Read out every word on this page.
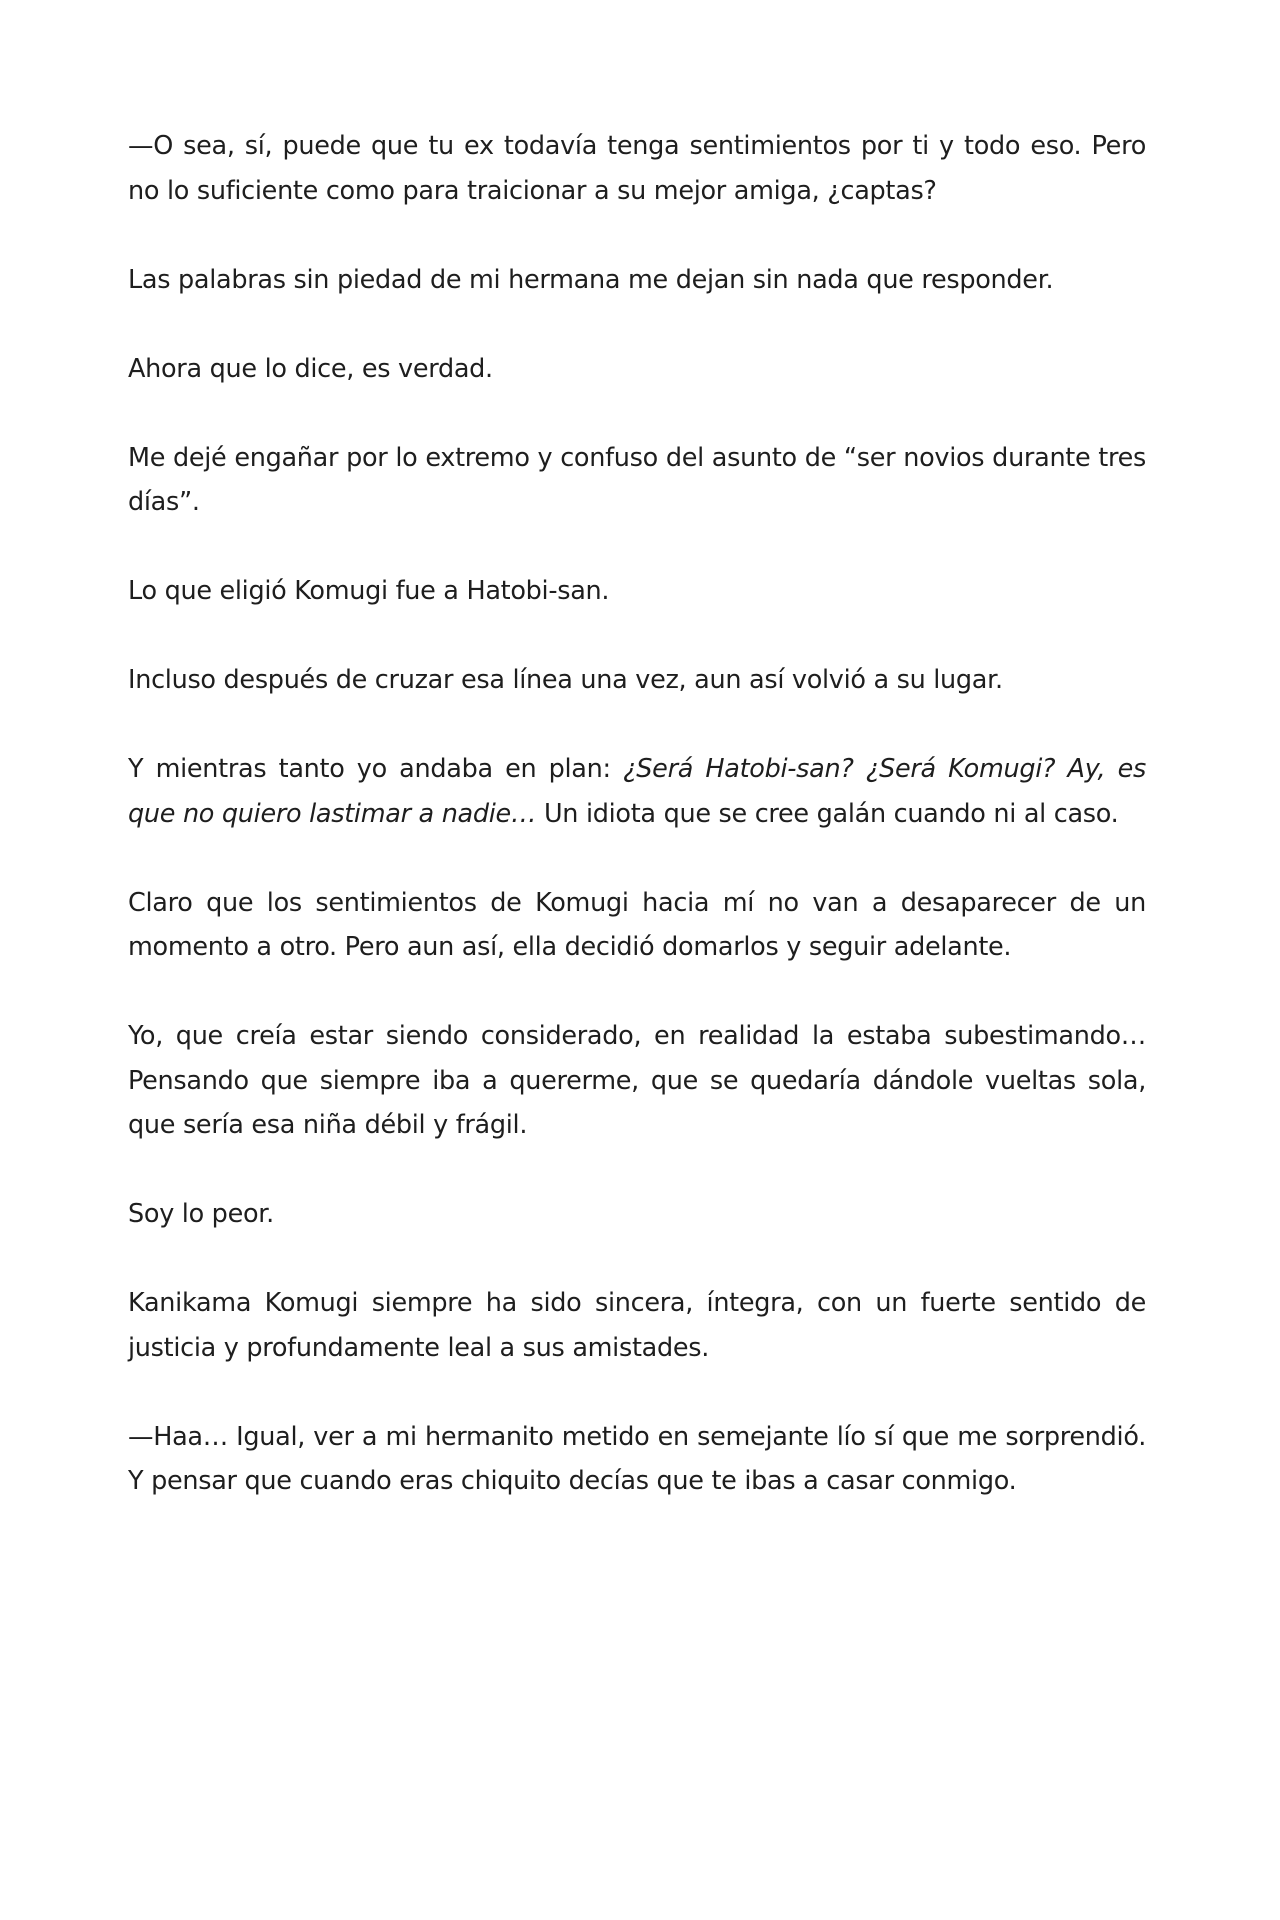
—O sea, sí, puede que tu ex todavía tenga sentimientos por ti y todo eso. Pero no lo suficiente como para traicionar a su mejor amiga, ¿captas?

Las palabras sin piedad de mi hermana me dejan sin nada que responder.

Ahora que lo dice, es verdad.

Me dejé engañar por lo extremo y confuso del asunto de “ser novios durante tres días”.

Lo que eligió Komugi fue a Hatobi-san.

Incluso después de cruzar esa línea una vez, aun así volvió a su lugar.

Y mientras tanto yo andaba en plan: ¿Será Hatobi-san? ¿Será Komugi? Ay, es que no quiero lastimar a nadie… Un idiota que se cree galán cuando ni al caso.

Claro que los sentimientos de Komugi hacia mí no van a desaparecer de un momento a otro. Pero aun así, ella decidió domarlos y seguir adelante.

Yo, que creía estar siendo considerado, en realidad la estaba subestimando… Pensando que siempre iba a quererme, que se quedaría dándole vueltas sola, que sería esa niña débil y frágil.

Soy lo peor.

Kanikama Komugi siempre ha sido sincera, íntegra, con un fuerte sentido de justicia y profundamente leal a sus amistades.

—Haa… Igual, ver a mi hermanito metido en semejante lío sí que me sorprendió. Y pensar que cuando eras chiquito decías que te ibas a casar conmigo.
